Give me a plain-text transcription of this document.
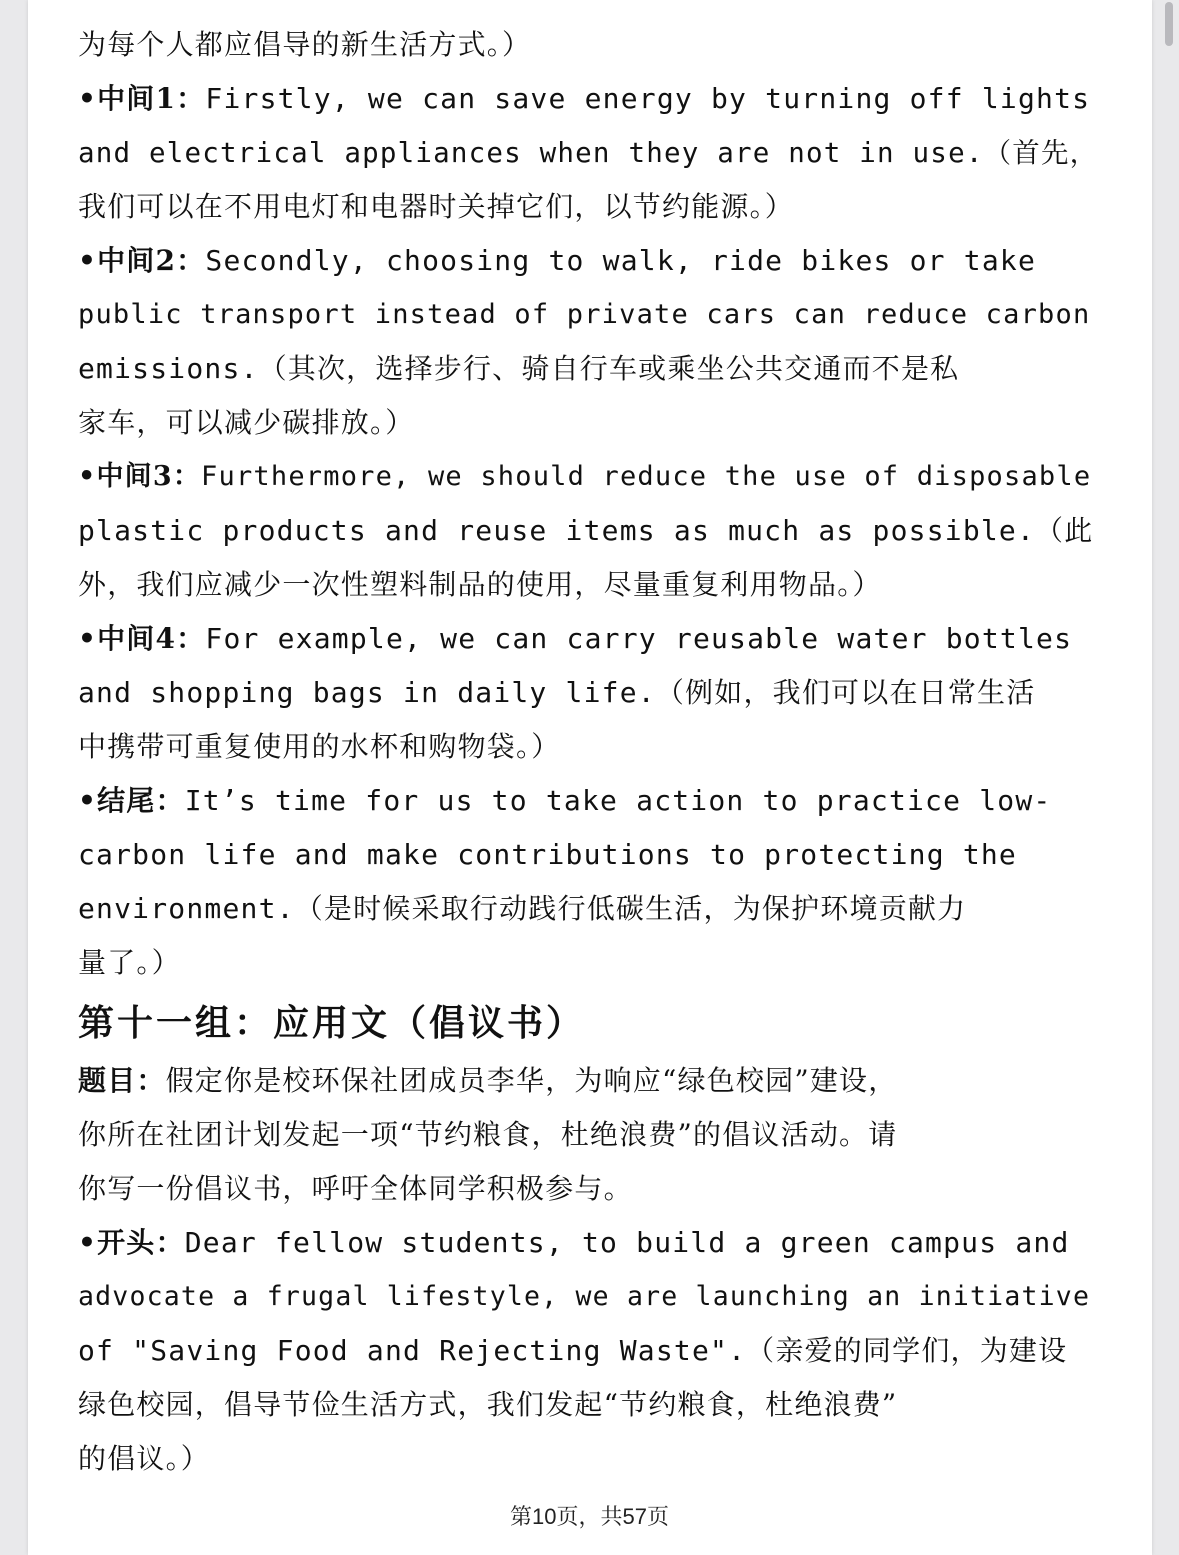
为每个人都应倡导的新生活方式。）
•中间1：Firstly, we can save energy by turning off lights
and electrical appliances when they are not in use.（首先，
我们可以在不用电灯和电器时关掉它们，以节约能源。）
•中间2：Secondly, choosing to walk, ride bikes or take
public transport instead of private cars can reduce carbon
emissions.（其次，选择步行、骑自行车或乘坐公共交通而不是私
家车，可以减少碳排放。）
•中间3：Furthermore, we should reduce the use of disposable
plastic products and reuse items as much as possible.（此
外，我们应减少一次性塑料制品的使用，尽量重复利用物品。）
•中间4：For example, we can carry reusable water bottles
and shopping bags in daily life.（例如，我们可以在日常生活
中携带可重复使用的水杯和购物袋。）
•结尾：It’s time for us to take action to practice low-
carbon life and make contributions to protecting the
environment.（是时候采取行动践行低碳生活，为保护环境贡献力
量了。）
第十一组：应用文（倡议书）
题目：假定你是校环保社团成员李华，为响应“绿色校园”建设，
你所在社团计划发起一项“节约粮食，杜绝浪费”的倡议活动。请
你写一份倡议书，呼吁全体同学积极参与。
•开头：Dear fellow students, to build a green campus and
advocate a frugal lifestyle, we are launching an initiative
of "Saving Food and Rejecting Waste".（亲爱的同学们，为建设
绿色校园，倡导节俭生活方式，我们发起“节约粮食，杜绝浪费”
的倡议。）
第10页，共57页
